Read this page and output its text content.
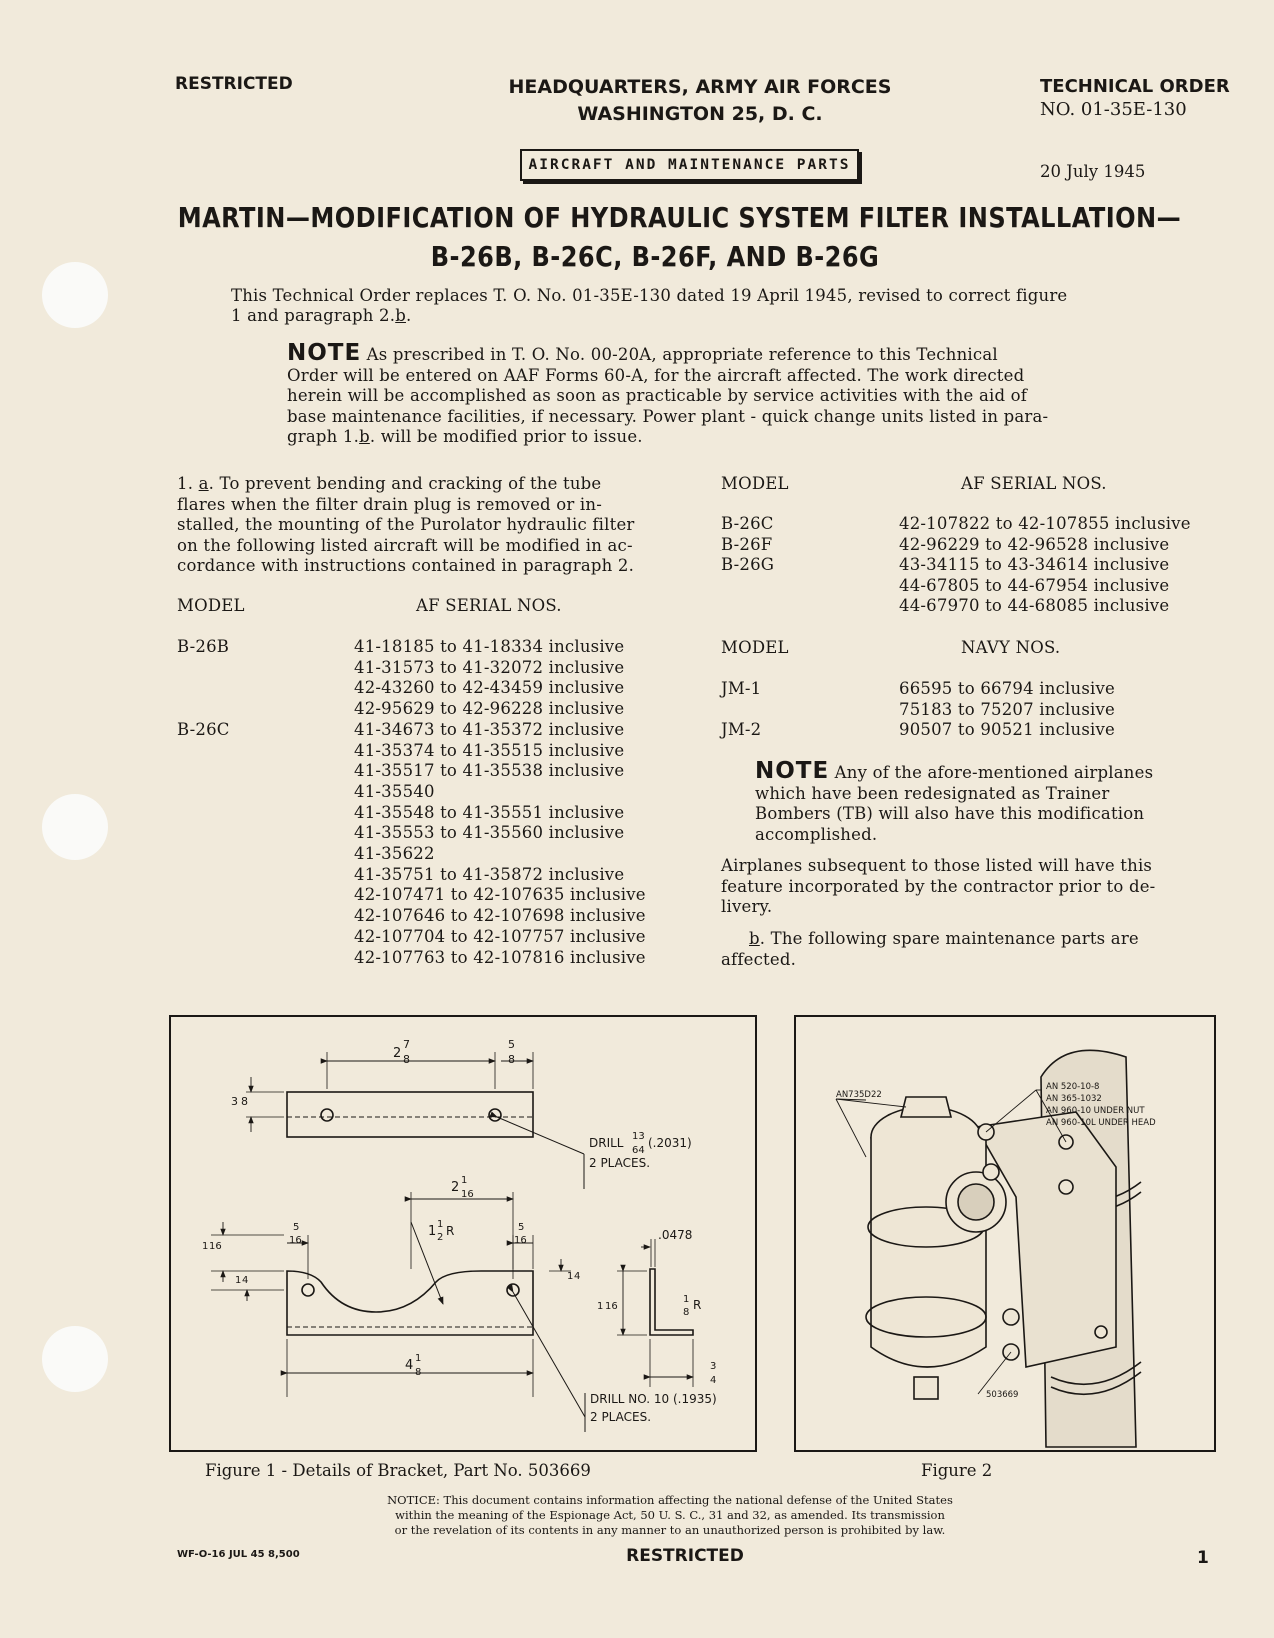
RESTRICTED	HEADQUARTERS, ARMY AIR FORCES
WASHINGTON 25, D. C.
TECHNICAL ORDER
NO. 01-35E-130
AIRCRAFT AND MAINTENANCE PARTS	20 July 1945
MARTIN—MODIFICATION OF HYDRAULIC SYSTEM FILTER INSTALLATION—
B-26B, B-26C, B-26F, AND B-26G
This Technical Order replaces T. O. No. 01-35E-130 dated 19 April 1945, revised to correct figure
1 and paragraph 2.b.
NOTE As prescribed in T. O. No. 00-20A, appropriate reference to this Technical
Order will be entered on AAF Forms 60-A, for the aircraft affected. The work directed
herein will be accomplished as soon as practicable by service activities with the aid of
base maintenance facilities, if necessary. Power plant - quick change units listed in para-
graph 1.b. will be modified prior to issue.
1. a. To prevent bending and cracking of the tube
flares when the filter drain plug is removed or in-
stalled, the mounting of the Purolator hydraulic filter
on the following listed aircraft will be modified in ac-
cordance with instructions contained in paragraph 2.
MODEL	AF SERIAL NOS.
B-26B	41-18185 to 41-18334 inclusive
41-31573 to 41-32072 inclusive
42-43260 to 42-43459 inclusive
42-95629 to 42-96228 inclusive
B-26C	41-34673 to 41-35372 inclusive
41-35374 to 41-35515 inclusive
41-35517 to 41-35538 inclusive
41-35540
41-35548 to 41-35551 inclusive
41-35553 to 41-35560 inclusive
41-35622
41-35751 to 41-35872 inclusive
42-107471 to 42-107635 inclusive
42-107646 to 42-107698 inclusive
42-107704 to 42-107757 inclusive
42-107763 to 42-107816 inclusive
MODEL	AF SERIAL NOS.
B-26C	42-107822 to 42-107855 inclusive
B-26F	42-96229 to 42-96528 inclusive
B-26G	43-34115 to 43-34614 inclusive
44-67805 to 44-67954 inclusive
44-67970 to 44-68085 inclusive
MODEL	NAVY NOS.
JM-1	66595 to 66794 inclusive
75183 to 75207 inclusive
JM-2	90507 to 90521 inclusive
NOTE Any of the afore-mentioned airplanes
which have been redesignated as Trainer
Bombers (TB) will also have this modification
accomplished.
Airplanes subsequent to those listed will have this
feature incorporated by the contractor prior to de-
livery.
b. The following spare maintenance parts are
affected.
2
7
8
5
8
3 8
DRILL 13
64
(.2031)
2 PLACES.
2 1
16
5
16
5
16
1 1
2 R	.0478
1 16
1 4	1 4
1 16
1
8
R
4 1
8
3
4
DRILL NO. 10 (.1935)
2 PLACES.
Figure 1 - Details of Bracket, Part No. 503669
AN735D22
AN 520-10-8
AN 365-1032
AN 960-10 UNDER NUT
AN 960-10L UNDER HEAD
503669
Figure 2
NOTICE: This document contains information affecting the national defense of the United States
within the meaning of the Espionage Act, 50 U. S. C., 31 and 32, as amended. Its transmission
or the revelation of its contents in any manner to an unauthorized person is prohibited by law.
WF-O-16 JUL 45 8,500	RESTRICTED	1
